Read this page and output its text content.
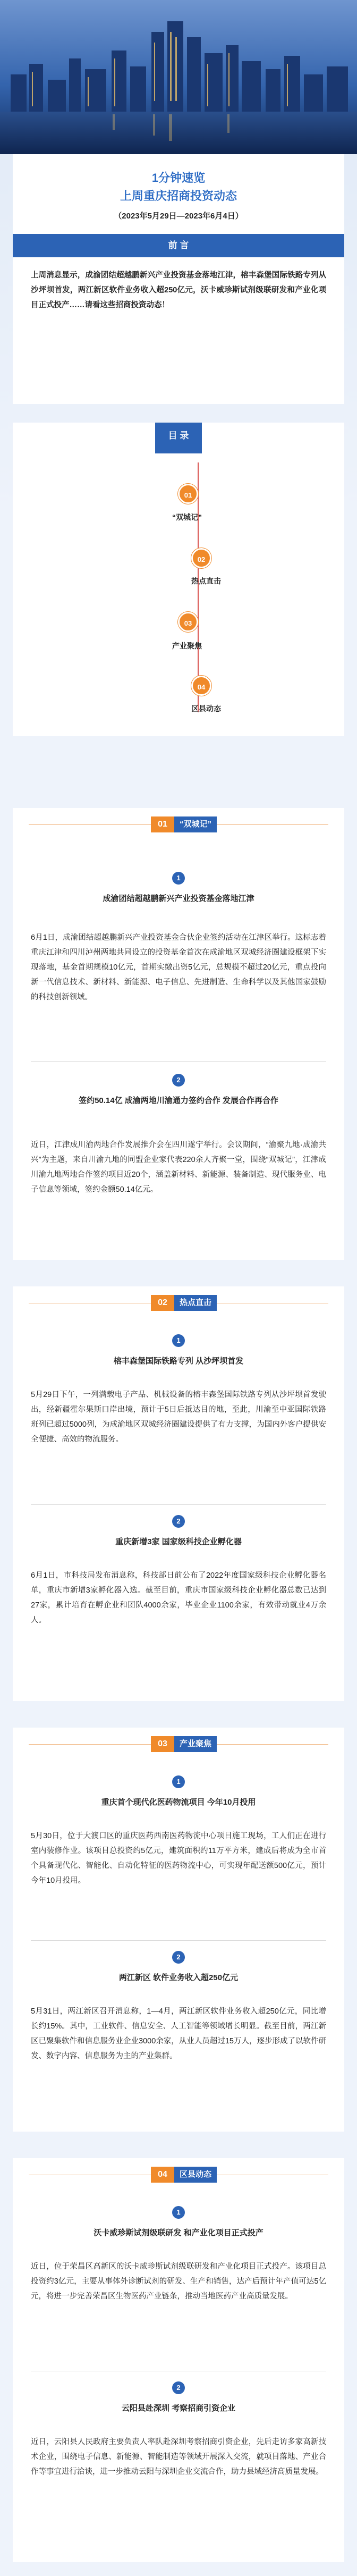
1分钟速览
上周重庆招商投资动态
（2023年5月29日—2023年6月4日）
前 言
上周消息显示，成渝团结超越鹏新兴产业投资基金落地江津，榕丰森堡国际铁路专列从沙坪坝首发，两江新区软件业务收入超250亿元，沃卡威珍斯试剂级联研发和产业化项目正式投产……请看这些招商投资动态！
目 录
01
“双城记”
02
热点直击
03
产业聚焦
04
区县动态
01	“双城记”
1
成渝团结超越鹏新兴产业投资基金落地江津
6月1日，成渝团结超越鹏新兴产业投资基金合伙企业签约活动在江津区举行。这标志着重庆江津和四川泸州两地共同设立的投资基金首次在成渝地区双城经济圈建设框架下实现落地，基金首期规模10亿元，首期实缴出资5亿元，总规模不超过20亿元，重点投向新一代信息技术、新材料、新能源、电子信息、先进制造、生命科学以及其他国家鼓励的科技创新领域。
2
签约50.14亿 成渝两地川渝通力签约合作 发展合作再合作
近日，江津成川渝两地合作发展推介会在四川遂宁举行。会议期间，“渝聚九地·成渝共兴”为主题，来自川渝九地的同盟企业家代表220余人齐聚一堂，围绕“双城记”，江津成川渝九地两地合作签约项目近20个，涵盖新材料、新能源、装备制造、现代服务业、电子信息等领域，签约金额50.14亿元。
02	热点直击
1
榕丰森堡国际铁路专列 从沙坪坝首发
5月29日下午，一列满载电子产品、机械设备的榕丰森堡国际铁路专列从沙坪坝首发驶出，经新疆霍尔果斯口岸出境，预计于5日后抵达目的地，至此，川渝至中亚国际铁路班列已超过5000列，为成渝地区双城经济圈建设提供了有力支撑，为国内外客户提供安全便捷、高效的物流服务。
2
重庆新增3家 国家级科技企业孵化器
6月1日，市科技局发布消息称，科技部日前公布了2022年度国家级科技企业孵化器名单，重庆市新增3家孵化器入选。截至目前，重庆市国家级科技企业孵化器总数已达到27家，累计培育在孵企业和团队4000余家，毕业企业1100余家，有效带动就业4万余人。
03	产业聚焦
1
重庆首个现代化医药物流项目 今年10月投用
5月30日，位于大渡口区的重庆医药西南医药物流中心项目施工现场，工人们正在进行室内装修作业。该项目总投资约5亿元，建筑面积约11万平方米，建成后将成为全市首个具备现代化、智能化、自动化特征的医药物流中心，可实现年配送额500亿元，预计今年10月投用。
2
两江新区 软件业务收入超250亿元
5月31日，两江新区召开消息称，1—4月，两江新区软件业务收入超250亿元，同比增长约15%。其中，工业软件、信息安全、人工智能等领域增长明显。截至目前，两江新区已聚集软件和信息服务业企业3000余家，从业人员超过15万人，逐步形成了以软件研发、数字内容、信息服务为主的产业集群。
04	区县动态
1
沃卡威珍斯试剂级联研发 和产业化项目正式投产
近日，位于荣昌区高新区的沃卡威珍斯试剂级联研发和产业化项目正式投产。该项目总投资约3亿元，主要从事体外诊断试剂的研发、生产和销售，达产后预计年产值可达5亿元，将进一步完善荣昌区生物医药产业链条，推动当地医药产业高质量发展。
2
云阳县赴深圳 考察招商引资企业
近日，云阳县人民政府主要负责人率队赴深圳考察招商引资企业，先后走访多家高新技术企业，围绕电子信息、新能源、智能制造等领域开展深入交流，就项目落地、产业合作等事宜进行洽谈，进一步推动云阳与深圳企业交流合作，助力县域经济高质量发展。
